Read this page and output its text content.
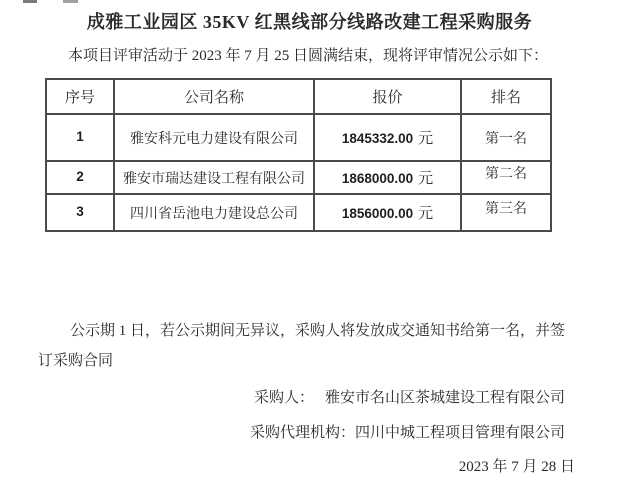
成雅工业园区 35KV 红黑线部分线路改建工程采购服务

本项目评审活动于 2023 年 7 月 25 日圆满结束，现将评审情况公示如下：

序号	公司名称	报价	排名
1	雅安科元电力建设有限公司	1845332.00 元	第一名
2	雅安市瑞达建设工程有限公司	1868000.00 元	第二名
3	四川省岳池电力建设总公司	1856000.00 元	第三名
公示期 1 日，若公示期间无异议，采购人将发放成交通知书给第一名，并签
订采购合同
采购人： 雅安市名山区茶城建设工程有限公司
采购代理机构：四川中城工程项目管理有限公司
2023 年 7 月 28 日
